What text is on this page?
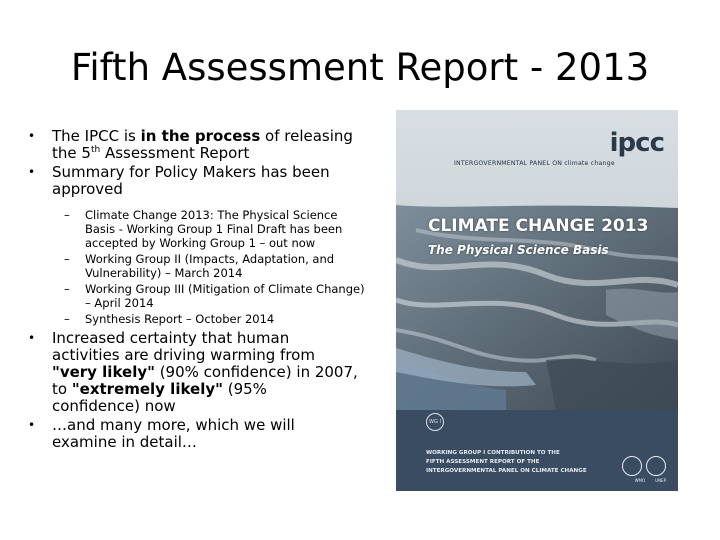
Fifth Assessment Report - 2013
• The IPCC is in the process of releasing the 5th Assessment Report
• Summary for Policy Makers has been approved
– Climate Change 2013: The Physical Science Basis - Working Group 1 Final Draft has been accepted by Working Group 1 – out now
– Working Group II (Impacts, Adaptation, and Vulnerability) – March 2014
– Working Group III (Mitigation of Climate Change) – April 2014
– Synthesis Report – October 2014
• Increased certainty that human activities are driving warming from "very likely" (90% confidence) in 2007, to "extremely likely" (95% confidence) now
• …and many more, which we will examine in detail…
ipcc
INTERGOVERNMENTAL PANEL ON climate change
CLIMATE CHANGE 2013
The Physical Science Basis
WG I
WORKING GROUP I CONTRIBUTION TO THE
FIFTH ASSESSMENT REPORT OF THE
INTERGOVERNMENTAL PANEL ON CLIMATE CHANGE
WMO	UNEP
